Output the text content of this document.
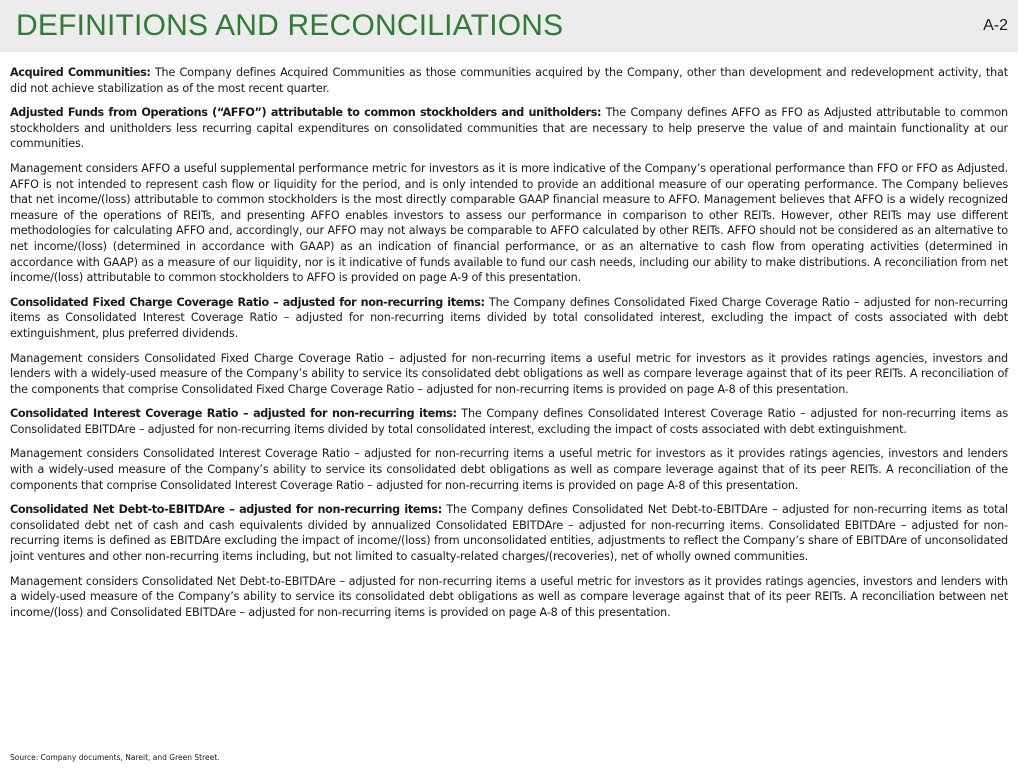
DEFINITIONS AND RECONCILIATIONS	A-2

Acquired Communities: The Company defines Acquired Communities as those communities acquired by the Company, other than development and redevelopment activity, that did not achieve stabilization as of the most recent quarter.

Adjusted Funds from Operations (“AFFO”) attributable to common stockholders and unitholders: The Company defines AFFO as FFO as Adjusted attributable to common stockholders and unitholders less recurring capital expenditures on consolidated communities that are necessary to help preserve the value of and maintain functionality at our communities.

Management considers AFFO a useful supplemental performance metric for investors as it is more indicative of the Company’s operational performance than FFO or FFO as Adjusted. AFFO is not intended to represent cash flow or liquidity for the period, and is only intended to provide an additional measure of our operating performance. The Company believes that net income/(loss) attributable to common stockholders is the most directly comparable GAAP financial measure to AFFO. Management believes that AFFO is a widely recognized measure of the operations of REITs, and presenting AFFO enables investors to assess our performance in comparison to other REITs. However, other REITs may use different methodologies for calculating AFFO and, accordingly, our AFFO may not always be comparable to AFFO calculated by other REITs. AFFO should not be considered as an alternative to net income/(loss) (determined in accordance with GAAP) as an indication of financial performance, or as an alternative to cash flow from operating activities (determined in accordance with GAAP) as a measure of our liquidity, nor is it indicative of funds available to fund our cash needs, including our ability to make distributions. A reconciliation from net income/(loss) attributable to common stockholders to AFFO is provided on page A-9 of this presentation.

Consolidated Fixed Charge Coverage Ratio – adjusted for non-recurring items: The Company defines Consolidated Fixed Charge Coverage Ratio – adjusted for non-recurring items as Consolidated Interest Coverage Ratio – adjusted for non-recurring items divided by total consolidated interest, excluding the impact of costs associated with debt extinguishment, plus preferred dividends.

Management considers Consolidated Fixed Charge Coverage Ratio – adjusted for non-recurring items a useful metric for investors as it provides ratings agencies, investors and lenders with a widely-used measure of the Company’s ability to service its consolidated debt obligations as well as compare leverage against that of its peer REITs. A reconciliation of the components that comprise Consolidated Fixed Charge Coverage Ratio – adjusted for non-recurring items is provided on page A-8 of this presentation.

Consolidated Interest Coverage Ratio – adjusted for non-recurring items: The Company defines Consolidated Interest Coverage Ratio – adjusted for non-recurring items as Consolidated EBITDAre – adjusted for non-recurring items divided by total consolidated interest, excluding the impact of costs associated with debt extinguishment.

Management considers Consolidated Interest Coverage Ratio – adjusted for non-recurring items a useful metric for investors as it provides ratings agencies, investors and lenders with a widely-used measure of the Company’s ability to service its consolidated debt obligations as well as compare leverage against that of its peer REITs. A reconciliation of the components that comprise Consolidated Interest Coverage Ratio – adjusted for non-recurring items is provided on page A-8 of this presentation.

Consolidated Net Debt-to-EBITDAre – adjusted for non-recurring items: The Company defines Consolidated Net Debt-to-EBITDAre – adjusted for non-recurring items as total consolidated debt net of cash and cash equivalents divided by annualized Consolidated EBITDAre – adjusted for non-recurring items. Consolidated EBITDAre – adjusted for non-recurring items is defined as EBITDAre excluding the impact of income/(loss) from unconsolidated entities, adjustments to reflect the Company’s share of EBITDAre of unconsolidated joint ventures and other non-recurring items including, but not limited to casualty-related charges/(recoveries), net of wholly owned communities.

Management considers Consolidated Net Debt-to-EBITDAre – adjusted for non-recurring items a useful metric for investors as it provides ratings agencies, investors and lenders with a widely-used measure of the Company’s ability to service its consolidated debt obligations as well as compare leverage against that of its peer REITs. A reconciliation between net income/(loss) and Consolidated EBITDAre – adjusted for non-recurring items is provided on page A-8 of this presentation.

Source: Company documents, Nareit, and Green Street.
